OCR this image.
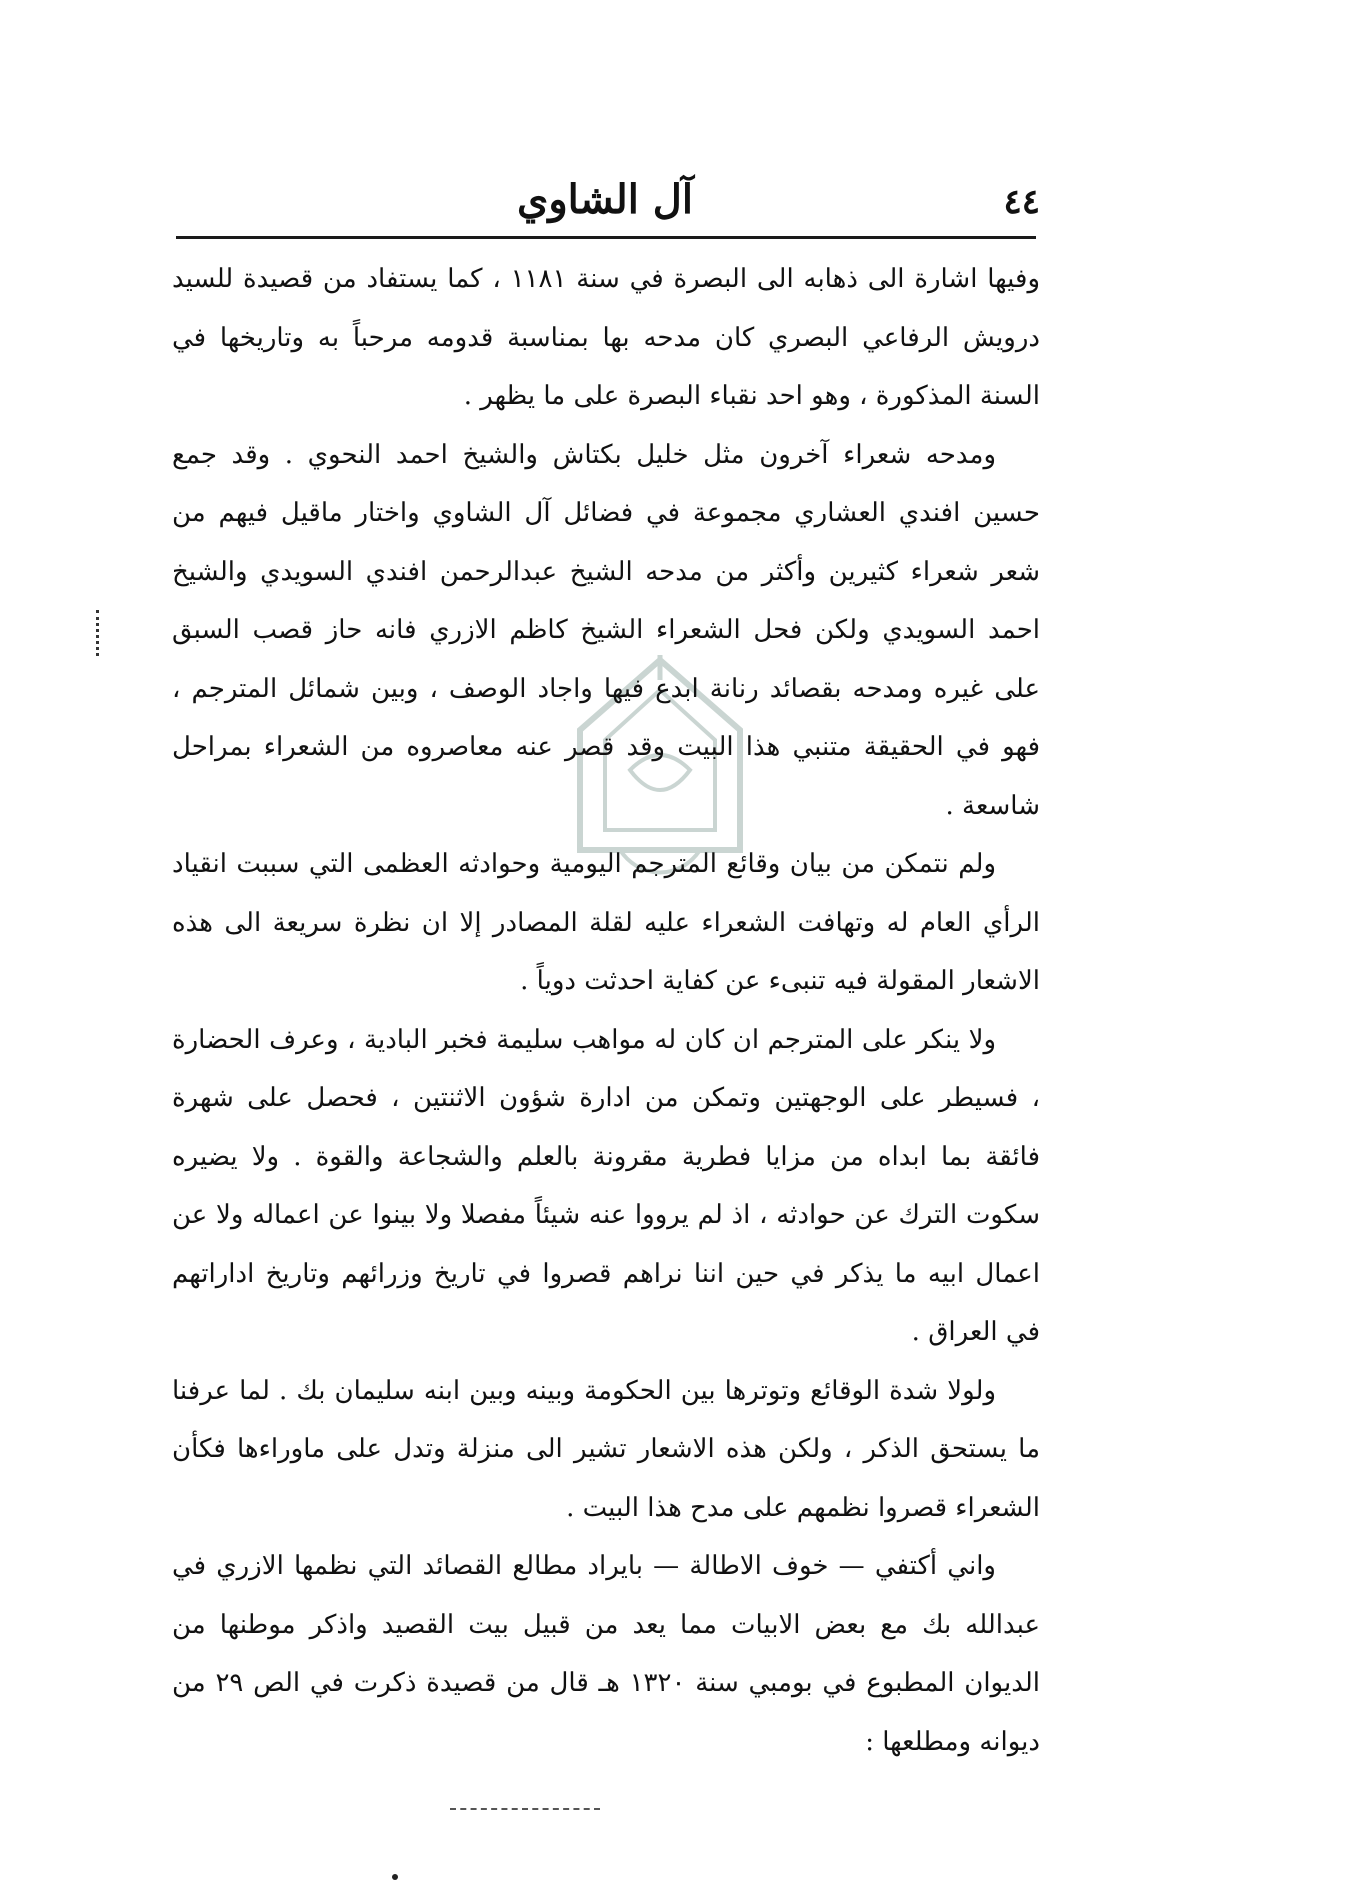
٤٤
آل الشاوي

وفيها اشارة الى ذهابه الى البصرة في سنة ١١٨١ ، كما يستفاد من قصيدة للسيد درويش الرفاعي البصري كان مدحه بها بمناسبة قدومه مرحباً به وتاريخها في السنة المذكورة ، وهو احد نقباء البصرة على ما يظهر .

ومدحه شعراء آخرون مثل خليل بكتاش والشيخ احمد النحوي . وقد جمع حسين افندي العشاري مجموعة في فضائل آل الشاوي واختار ماقيل فيهم من شعر شعراء كثيرين وأكثر من مدحه الشيخ عبدالرحمن افندي السويدي والشيخ احمد السويدي ولكن فحل الشعراء الشيخ كاظم الازري فانه حاز قصب السبق على غيره ومدحه بقصائد رنانة ابدع فيها واجاد الوصف ، وبين شمائل المترجم ، فهو في الحقيقة متنبي هذا البيت وقد قصر عنه معاصروه من الشعراء بمراحل شاسعة .

ولم نتمكن من بيان وقائع المترجم اليومية وحوادثه العظمى التي سببت انقياد الرأي العام له وتهافت الشعراء عليه لقلة المصادر إلا ان نظرة سريعة الى هذه الاشعار المقولة فيه تنبىء عن كفاية احدثت دوياً .

ولا ينكر على المترجم ان كان له مواهب سليمة فخبر البادية ، وعرف الحضارة ، فسيطر على الوجهتين وتمكن من ادارة شؤون الاثنتين ، فحصل على شهرة فائقة بما ابداه من مزايا فطرية مقرونة بالعلم والشجاعة والقوة . ولا يضيره سكوت الترك عن حوادثه ، اذ لم يرووا عنه شيئاً مفصلا ولا بينوا عن اعماله ولا عن اعمال ابيه ما يذكر في حين اننا نراهم قصروا في تاريخ وزرائهم وتاريخ اداراتهم في العراق .

ولولا شدة الوقائع وتوترها بين الحكومة وبينه وبين ابنه سليمان بك . لما عرفنا ما يستحق الذكر ، ولكن هذه الاشعار تشير الى منزلة وتدل على ماوراءها فكأن الشعراء قصروا نظمهم على مدح هذا البيت .

واني أكتفي — خوف الاطالة — بايراد مطالع القصائد التي نظمها الازري في عبدالله بك مع بعض الابيات مما يعد من قبيل بيت القصيد واذكر موطنها من الديوان المطبوع في بومبي سنة ١٣٢٠ هـ قال من قصيدة ذكرت في الص ٢٩ من ديوانه ومطلعها :
